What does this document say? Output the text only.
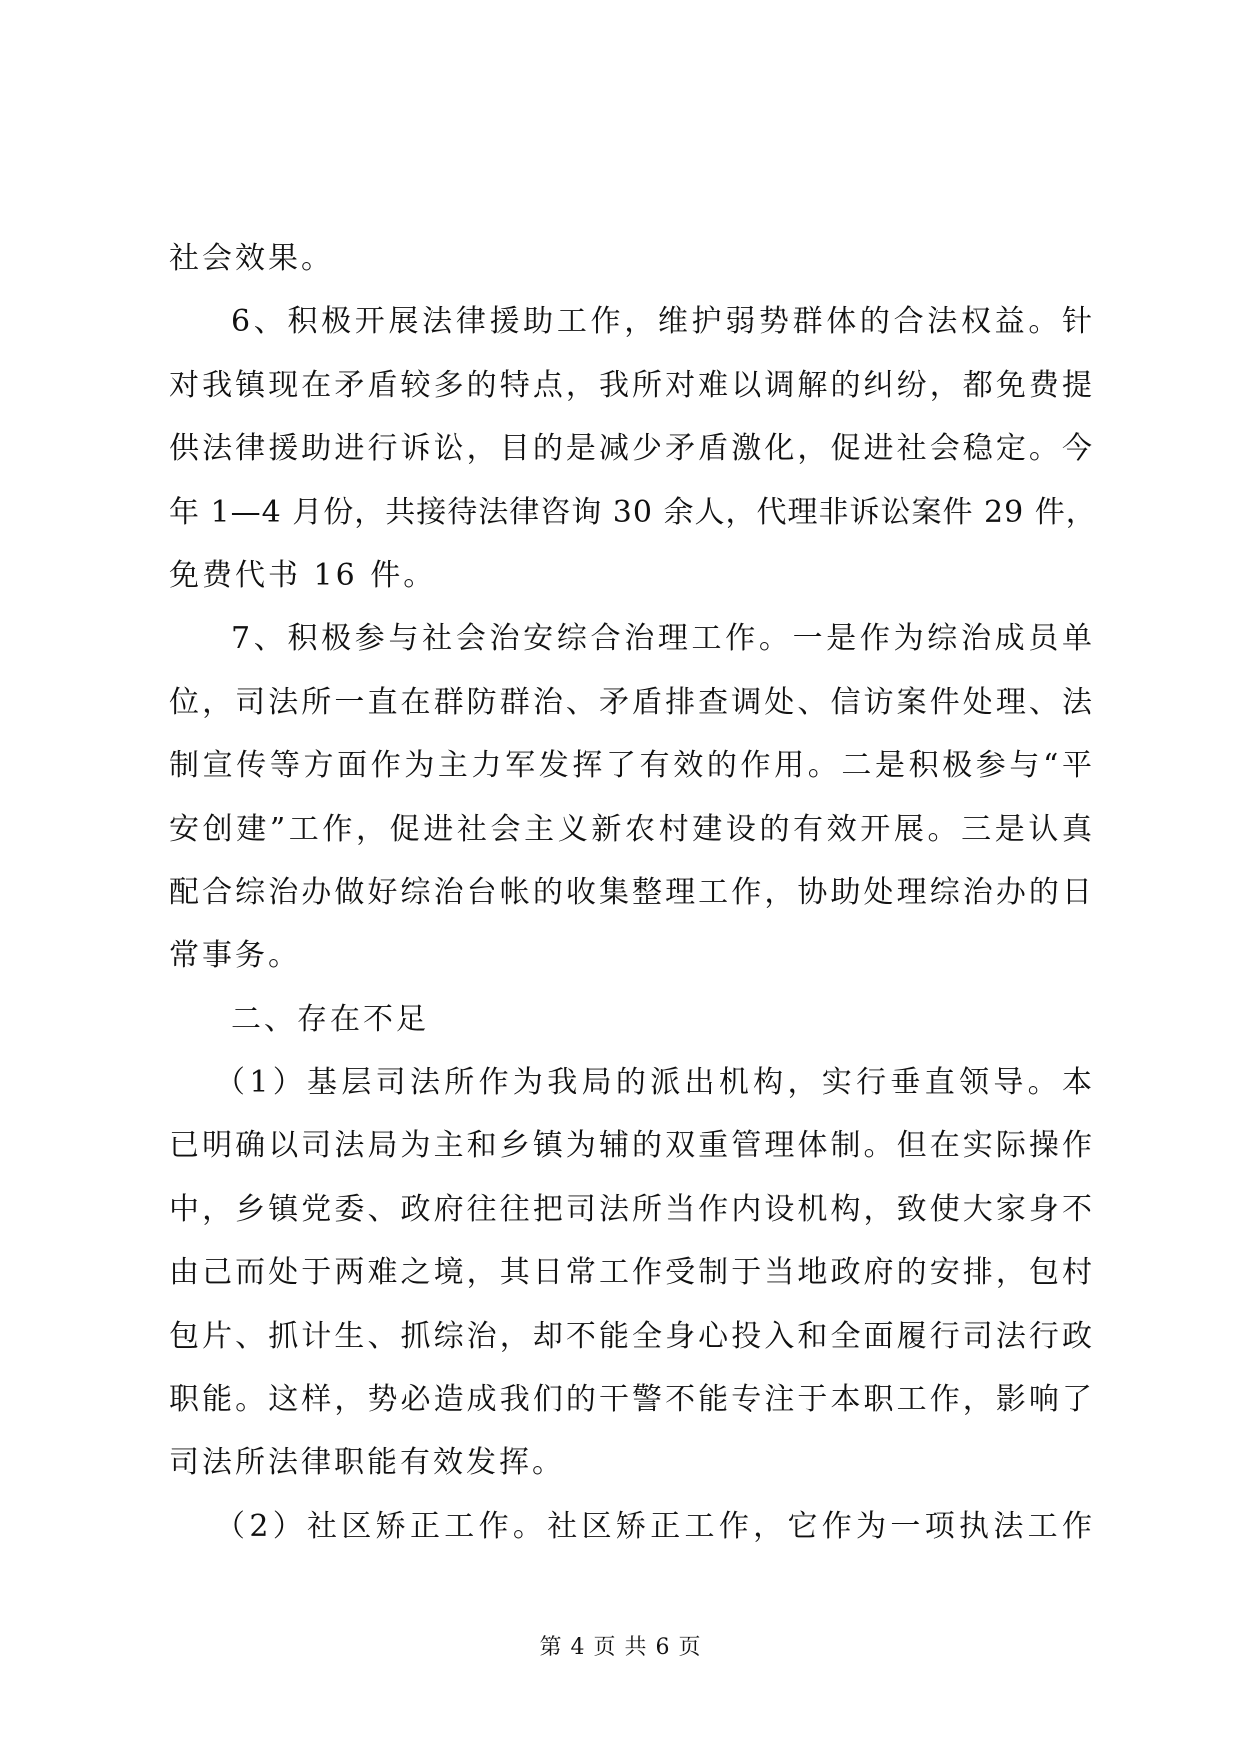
社会效果。
6、积极开展法律援助工作，维护弱势群体的合法权益。针
对我镇现在矛盾较多的特点，我所对难以调解的纠纷，都免费提
供法律援助进行诉讼，目的是减少矛盾激化，促进社会稳定。今
年 1—4 月份，共接待法律咨询 30 余人，代理非诉讼案件 29 件，
免费代书 16 件。
7、积极参与社会治安综合治理工作。一是作为综治成员单
位，司法所一直在群防群治、矛盾排查调处、信访案件处理、法
制宣传等方面作为主力军发挥了有效的作用。二是积极参与“平
安创建”工作，促进社会主义新农村建设的有效开展。三是认真
配合综治办做好综治台帐的收集整理工作，协助处理综治办的日
常事务。
二、存在不足
（1）基层司法所作为我局的派出机构，实行垂直领导。本
已明确以司法局为主和乡镇为辅的双重管理体制。但在实际操作
中，乡镇党委、政府往往把司法所当作内设机构，致使大家身不
由己而处于两难之境，其日常工作受制于当地政府的安排，包村
包片、抓计生、抓综治，却不能全身心投入和全面履行司法行政
职能。这样，势必造成我们的干警不能专注于本职工作，影响了
司法所法律职能有效发挥。
（2）社区矫正工作。社区矫正工作，它作为一项执法工作
第 4 页 共 6 页
